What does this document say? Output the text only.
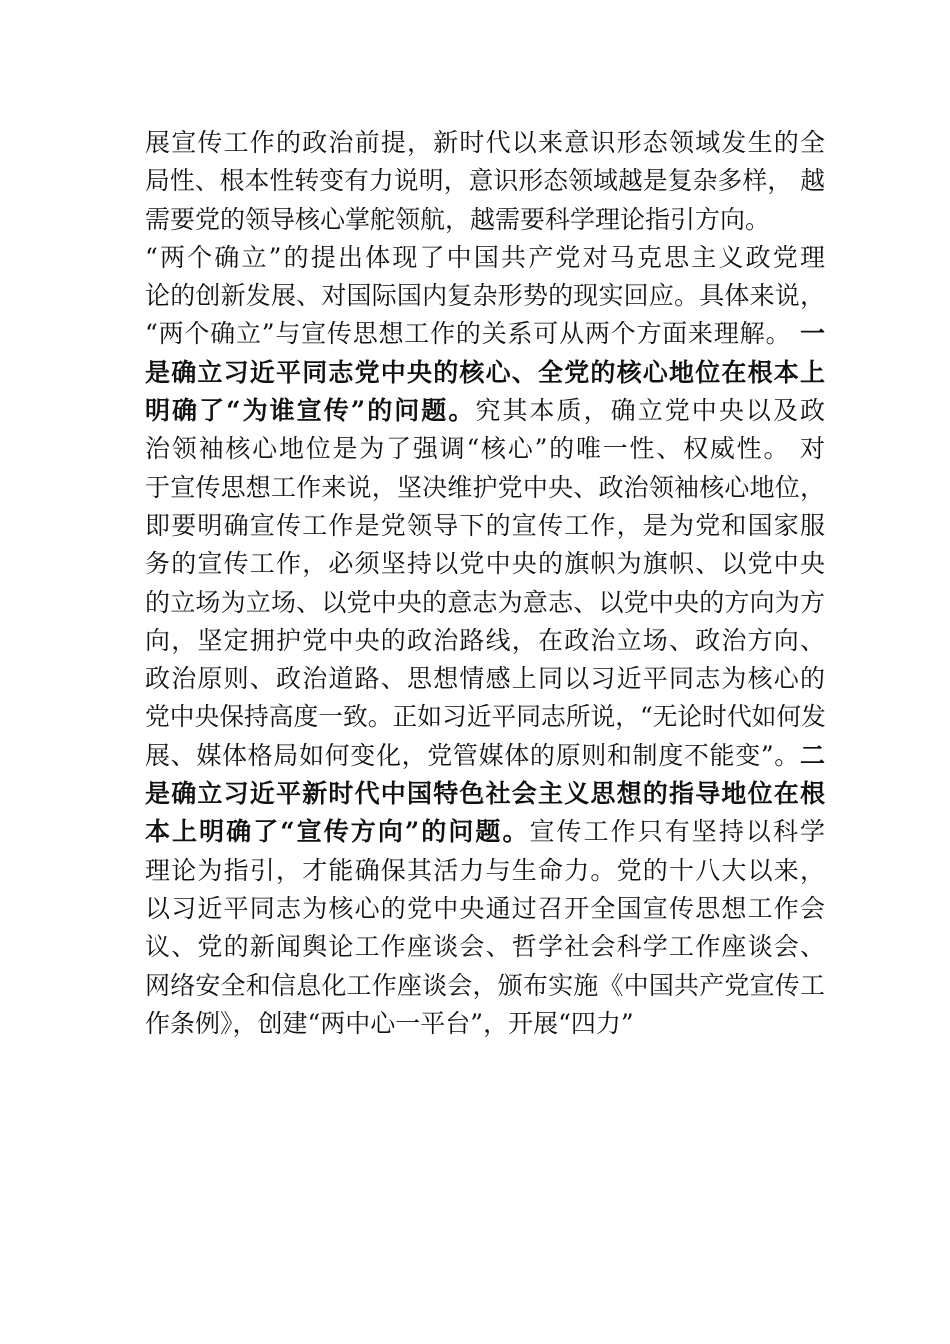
展宣传工作的政治前提，新时代以来意识形态领域发生的全
局性、根本性转变有力说明，意识形态领域越是复杂多样， 越
需要党的领导核心掌舵领航，越需要科学理论指引方向。
“两个确立”的提出体现了中国共产党对马克思主义政党理
论的创新发展、对国际国内复杂形势的现实回应。具体来说，
“两个确立”与宣传思想工作的关系可从两个方面来理解。 一
是确立习近平同志党中央的核心、全党的核心地位在根本上
明确了“为谁宣传”的问题。究其本质，确立党中央以及政
治领袖核心地位是为了强调“核心”的唯一性、权威性。 对
于宣传思想工作来说，坚决维护党中央、政治领袖核心地位，
即要明确宣传工作是党领导下的宣传工作，是为党和国家服
务的宣传工作，必须坚持以党中央的旗帜为旗帜、以党中央
的立场为立场、以党中央的意志为意志、以党中央的方向为方
向，坚定拥护党中央的政治路线，在政治立场、政治方向、
政治原则、政治道路、思想情感上同以习近平同志为核心的
党中央保持高度一致。正如习近平同志所说，“无论时代如何发
展、媒体格局如何变化，党管媒体的原则和制度不能变”。二
是确立习近平新时代中国特色社会主义思想的指导地位在根
本上明确了“宣传方向”的问题。宣传工作只有坚持以科学
理论为指引，才能确保其活力与生命力。党的十八大以来，
以习近平同志为核心的党中央通过召开全国宣传思想工作会
议、党的新闻舆论工作座谈会、哲学社会科学工作座谈会、
网络安全和信息化工作座谈会，颁布实施《中国共产党宣传工
作条例》，创建“两中心一平台”，开展“四力”
